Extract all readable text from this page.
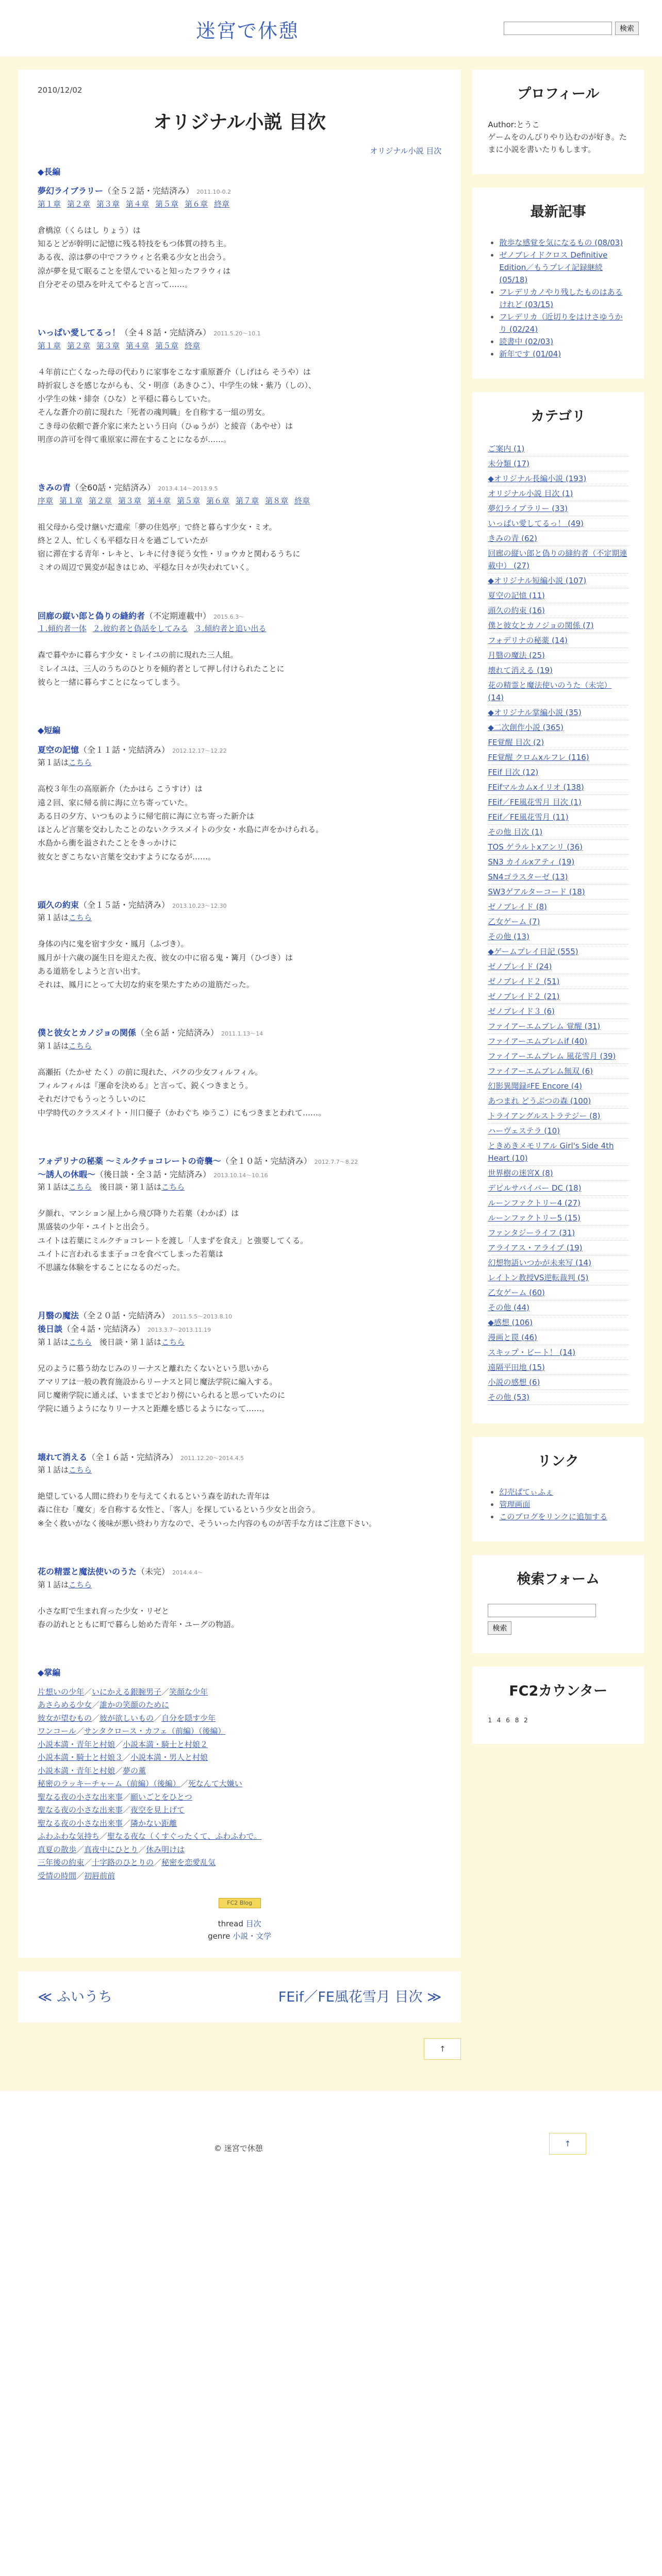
迷宮で休憩	検索
2010/12/02
オリジナル小説 目次
オリジナル小説 目次
◆長編
夢幻ライブラリー（全５２話・完結済み） 2011.10-0.2
第１章 第２章 第３章 第４章 第５章 第６章 終章
倉橋涼（くらはし りょう）は
知るとどが幹明に記憶に残る特技をもつ体質の持ち主。
ある夜、涼は夢の中でフラウィと名乗る少女と出会う。
涼が夢を見て眠ることを望んでいると知ったフラウィは
自分ぞその望みを叶えてやると言って……。
いっぱい愛してるっ！（全４８話・完結済み） 2011.5.20〜10.1
第１章 第２章 第３章 第４章 第５章 終章
４年前に亡くなった母の代わりに家事をこなす重原蒼介（しげはら そうや）は
時折寂しさを感じながらも、父・明彦（あきひこ）、中学生の妹・紫乃（しの）、
小学生の妹・緋奈（ひな）と平穏に暮らしていた。
そんな蒼介の前に現れた「死者の魂判職」を自称する一組の男女。
こき母の依頼で蒼介家に来たという日向（ひゅうが）と綾音（あやせ）は
明彦の許可を得て重原家に滞在することになるが……。
きみの青（全60話・完結済み） 2013.4.14〜2013.9.5
序章 第１章 第２章 第３章 第４章 第５章 第６章 第７章 第８章 終章
祖父母から受け継いだ遺産「夢の住処亭」で終と暮らす少女・ミオ。
終と２人、忙しくも平穏な日々を過ごしていたが
宿に滞在する青年・レキと、レキに付き従う女性・リョウカと関わるうちに
ミオの周辺で異変が起きはじめ、平穏な日々が失われていく。
回廊の縦い郎と偽りの縫約者（不定期連載中） 2015.6.3〜
１.傾約者一体 ２.彼約者と偽話をしてみる ３.傾約者と追い出る
森で暮やかに暮らす少女・ミレイユの前に現れた三人組。
ミレイユは、三人のうちのひとりを傾約者として押し付けられたことに
彼らと一緒に暮らすことになってしまう。
◆短編
夏空の記憶（全１１話・完結済み） 2012.12.17〜12.22
第１話はこちら
高校３年生の高原新介（たかはら こうすけ）は
遠２回、家に帰る前に海に立ち寄っていた。
ある日の夕方、いつものように帰宅前に海に立ち寄った新介は
ほとんど言葉を交わしたことのないクラスメイトの少女・水島に声をかけられる。
水島から衝を溢されたことをきっかけに
彼女とぎこちない言葉を交わすようになるが……。
頭久の約束（全１５話・完結済み） 2013.10.23〜12.30
第１話はこちら
身体の内に鬼を宿す少女・鳳月（ふづき）。
鳳月が十六歳の誕生日を迎えた夜、彼女の中に宿る鬼・篝月（ひづき）は
ある道筋をしようと言い出す。
それは、鳳月にとって大切な約束を果たすための道筋だった。
僕と彼女とカノジョの関係（全６話・完結済み） 2011.1.13〜14
第１話はこちら
高瀬拓（たかせ たく）の前に現れた、パクの少女フィルフィル。
フィルフィルは『運命を決める』と言って、鋭くつきまとう。
それだけでもうっとうしいのに
中学時代のクラスメイト・川口優子（かわぐち ゆうこ）にもつきまとわれて……。
フォデリナの秘薬 〜ミルクチョコレートの奇襲〜（全１０話・完結済み） 2012.7.7〜8.22
〜誘人の休暇〜（後日談・全３話・完結済み） 2013.10.14〜10.16
第１話はこちら　 後日談・第１話はこちら
夕顔れ、マンション屋上から飛び降りた若葉（わかば）は
黒盛装の少年・ユイトと出会う。
ユイトは若葉にミルクチョコレートを渡し「人まずを食え」と強要してくる。
ユイトに言われるまま子ョコを食べてしまった若葉は
不思議な体験をすることになるのだった。
月翳の魔法（全２０話・完結済み） 2011.5.5〜2013.8.10
後日談（全４話・完結済み） 2013.3.7〜2013.11.19
第１話はこちら　 後日談・第１話はこちら
兄のように慕う幼なじみのリーナスと離れたくないという思いから
アマリアは一般の教育施設からリーナスと同じ魔法学院に編入する。
同じ魔術学院に通えば、いままでどおり傍にいられると思っていたのに
学院に通うようになりリーナスと距離を感じるようになって……。
壊れて消える（全１６話・完結済み） 2011.12.20〜2014.4.5
第１話はこちら
絶望している人間に終わりを与えてくれるという森を訪れた青年は
森に住む「魔女」を自称する女性と、「客人」を探しているという少女と出会う。
※全く救いがなく後味が悪い終わり方なので、そういった内容のものが苦手な方はご注意下さい。
花の精霊と魔法使いのうた（未完） 2014.4.4〜
第１話はこちら
小さな町で生まれ育った少女・リゼと
春の訪れとともに町で暮らし始めた青年・ユーグの物語。
◆掌編
片想いの少年／いにかえる銀腕男子／笑顔な少年
あさらめる少女／誰かの笑顔のために
彼女が望むもの／彼が欲しいもの／自分を隠す少年
ワンコール／サンタクロース・カフェ（前編）（後編）
小説本満・青年と村娘／小説本満・騎士と村娘２
小説本満・騎士と村娘３／小説本満・男人と村娘
小説本満・青年と村娘／夢の薫
秘密のラッキーチャーム（前編）（後編）／死なんて大嫌い
聖なる夜の小さな出来事／願いごとをひとつ
聖なる夜の小さな出来事／夜空を見上げて
聖なる夜の小さな出来事／隣かない距離
ふわふわな気持ち／聖なる夜な（くすぐったくて、ふわふわで。
真夏の散歩／真夜中にひとり／休み明けは
三年後の約束／十字路のひとりの／秘密を恋愛乱気
受情の時間／初唇前前
FC2 Blog
thread 目次
genre 小説・文学
≪ ふいうち	FEif／FE風花雪月 目次 ≫
↑
プロフィール
Author:とうこ
ゲームをのんびりやり込むのが好き。たまに小説を書いたりもします。
最新記事
• 散歩な感覚を気になるもの (08/03)
• ゼノブレイドクロス Definitive Edition／もうプレイ記録継続 (05/18)
• フレデリカノやり残したものはあるけれど (03/15)
• フレデリカ（近切りをはけさゆうかり (02/24)
• 読書中 (02/03)
• 新年です (01/04)
カテゴリ
ご案内 (1)
未分類 (17)
◆オリジナル長編小説 (193)
オリジナル小説 目次 (1)
夢幻ライブラリー (33)
いっぱい愛してるっ！ (49)
きみの青 (62)
回廊の縦い郎と偽りの縫約者（不定期連載中） (27)
◆オリジナル短編小説 (107)
夏空の記憶 (11)
頭久の約束 (16)
僕と彼女とカノジョの関係 (7)
フォデリナの秘薬 (14)
月翳の魔法 (25)
壊れて消える (19)
花の精霊と魔法使いのうた（未完） (14)
◆オリジナル掌編小説 (35)
◆二次創作小説 (365)
FE覚醒 目次 (2)
FE覚醒 クロムxルフレ (116)
FEif 目次 (12)
FEifマルカムxイリオ (138)
FEif／FE風花雪月 目次 (1)
FEif／FE風花雪月 (11)
その他 目次 (1)
TOS ゲラルトxアンリ (36)
SN3 カイルxアティ (19)
SN4ゴラスターゼ (13)
SW3ゲアルターコード (18)
ゼノブレイド (8)
乙女ゲーム (7)
その他 (13)
◆ゲームプレイ日記 (555)
ゼノブレイド (24)
ゼノブレイド２ (51)
ゼノブレイド２ (21)
ゼノブレイド３ (6)
ファイアーエムブレム 覚醒 (31)
ファイアーエムブレムif (40)
ファイアーエムブレム 風花雪月 (39)
ファイアーエムブレム無双 (6)
幻影異聞録♯FE Encore (4)
あつまれ どうぶつの森 (100)
トライアングルストラテジー (8)
ハーヴェステラ (10)
ときめきメモリアル Girl's Side 4th Heart (10)
世界樹の迷宮Ⅹ (8)
デビルサバイバー DC (18)
ルーンファクトリー4 (27)
ルーンファクトリー5 (15)
ファンタジーライフ (31)
アライアス・アライブ (19)
幻想物語いつかが未来写 (14)
レイトン教授VS逆転裁判 (5)
乙女ゲーム (60)
その他 (44)
◆感想 (106)
漫画と罠 (46)
スキップ・ビート！ (14)
遠隔平田地 (15)
小説の感想 (6)
その他 (53)
リンク
• 幻売ぱてぃふぇ
• 管理画面
• このブログをリンクに追加する
検索フォーム
検索
FC2カウンター
1 4 6 8 2
© 迷宮で休憩	↑
